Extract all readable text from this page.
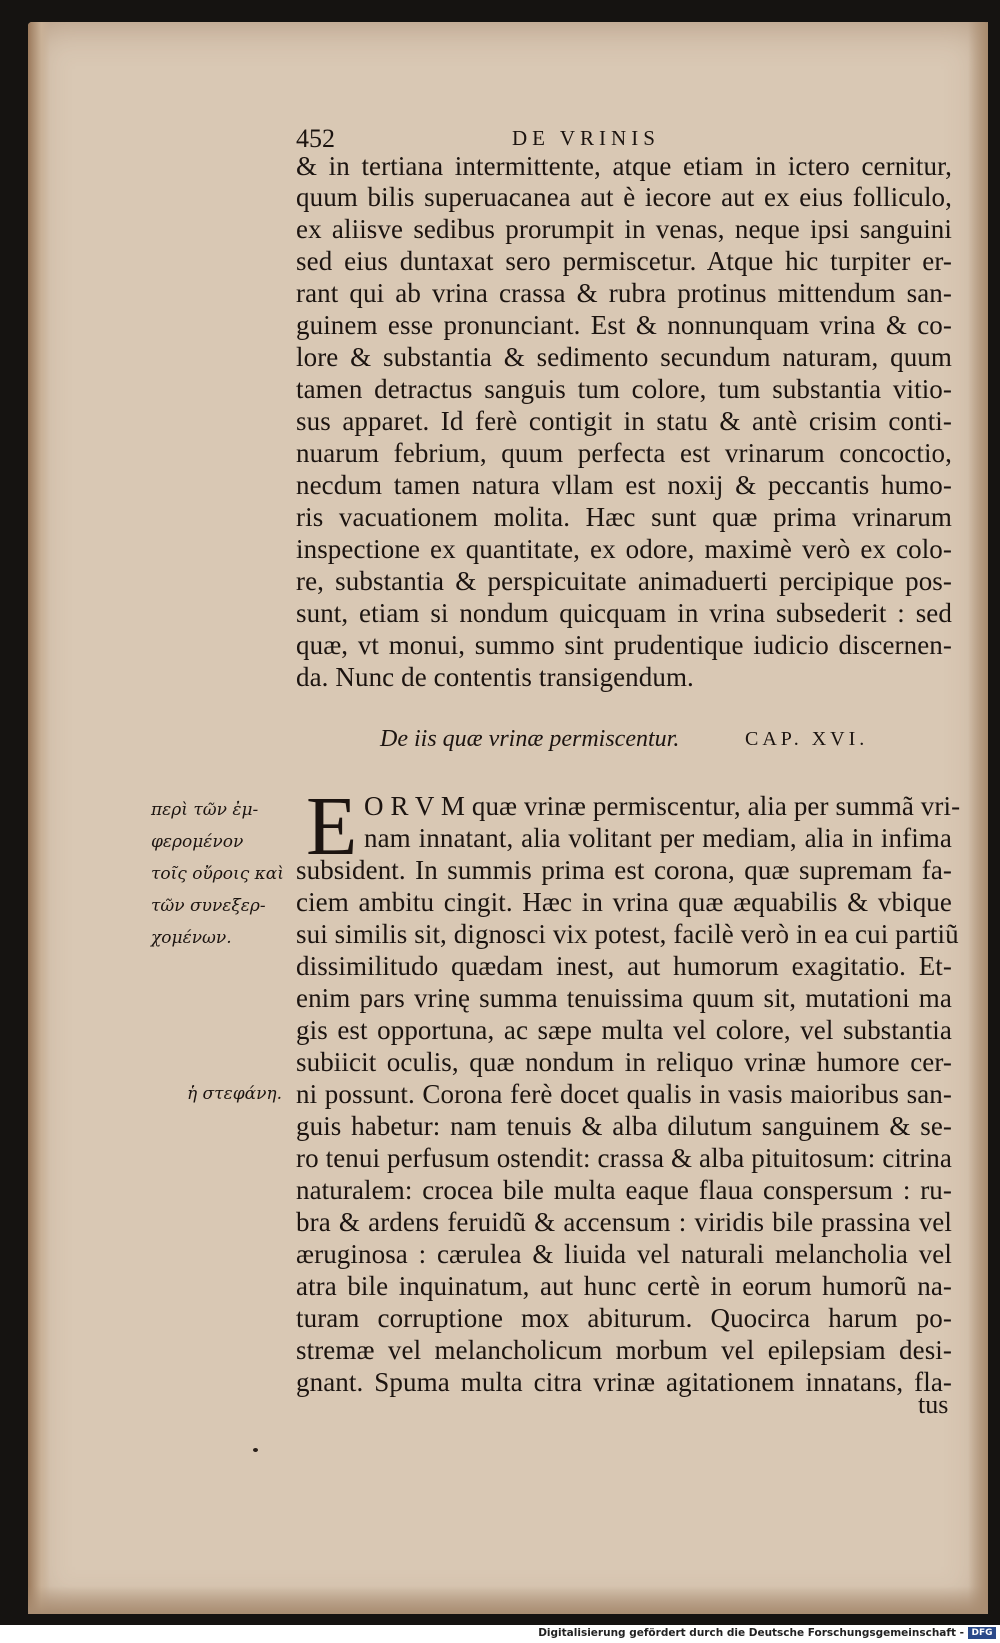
452	DE VRINIS
& in tertiana intermittente, atque etiam in ictero cernitur,
quum bilis superuacanea aut è iecore aut ex eius folliculo,
ex aliisve sedibus prorumpit in venas, neque ipsi sanguini
sed eius duntaxat sero permiscetur. Atque hic turpiter er-
rant qui ab vrina crassa & rubra protinus mittendum san-
guinem esse pronunciant. Est & nonnunquam vrina & co-
lore & substantia & sedimento secundum naturam, quum
tamen detractus sanguis tum colore, tum substantia vitio-
sus apparet. Id ferè contigit in statu & antè crisim conti-
nuarum febrium, quum perfecta est vrinarum concoctio,
necdum tamen natura vllam est noxij & peccantis humo-
ris vacuationem molita. Hæc sunt quæ prima vrinarum
inspectione ex quantitate, ex odore, maximè verò ex colo-
re, substantia & perspicuitate animaduerti percipique pos-
sunt, etiam si nondum quicquam in vrina subsederit : sed
quæ, vt monui, summo sint prudentique iudicio discernen-
da. Nunc de contentis transigendum.
De iis quæ vrinæ permiscentur.	CAP. XVI.
E O R V M quæ vrinæ permiscentur, alia per summã vri-
nam innatant, alia volitant per mediam, alia in infima
subsident. In summis prima est corona, quæ supremam fa-
ciem ambitu cingit. Hæc in vrina quæ æquabilis & vbique
sui similis sit, dignosci vix potest, facilè verò in ea cui partiũ
dissimilitudo quædam inest, aut humorum exagitatio. Et-
enim pars vrinę summa tenuissima quum sit, mutationi ma
gis est opportuna, ac sæpe multa vel colore, vel substantia
subiicit oculis, quæ nondum in reliquo vrinæ humore cer-
ni possunt. Corona ferè docet qualis in vasis maioribus san-
guis habetur: nam tenuis & alba dilutum sanguinem & se-
ro tenui perfusum ostendit: crassa & alba pituitosum: citrina
naturalem: crocea bile multa eaque flaua conspersum : ru-
bra & ardens feruidũ & accensum : viridis bile prassina vel
æruginosa : cærulea & liuida vel naturali melancholia vel
atra bile inquinatum, aut hunc certè in eorum humorũ na-
turam corruptione mox abiturum. Quocirca harum po-
stremæ vel melancholicum morbum vel epilepsiam desi-
gnant. Spuma multa citra vrinæ agitationem innatans, fla-
tus
περὶ τῶν ἐμ-
φερομένον
τοῖς οὔροις καὶ
τῶν συνεξερ-
χομένων.
ἡ στεφάνη.
Digitalisierung gefördert durch die Deutsche Forschungsgemeinschaft - DFG
